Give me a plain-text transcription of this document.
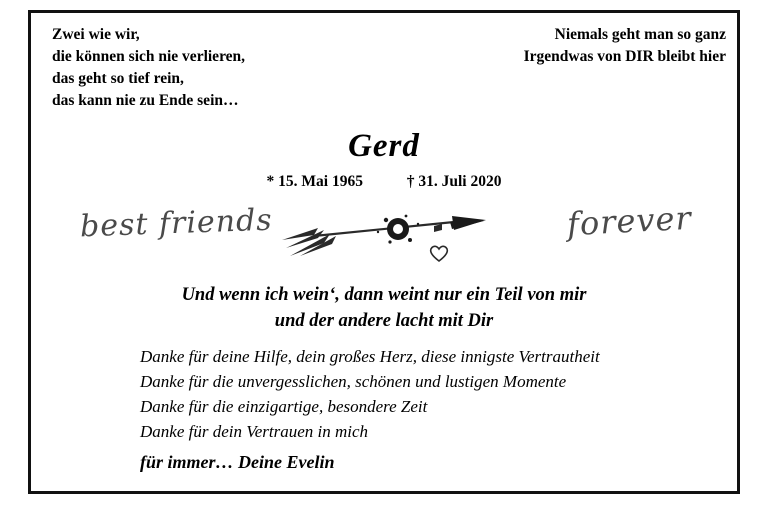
Zwei wie wir,
die können sich nie verlieren,
das geht so tief rein,
das kann nie zu Ende sein…
Niemals geht man so ganz
Irgendwas von DIR bleibt hier
Gerd
* 15. Mai 1965	† 31. Juli 2020
best friends	forever
Und wenn ich wein‘, dann weint nur ein Teil von mir
und der andere lacht mit Dir
Danke für deine Hilfe, dein großes Herz, diese innigste Vertrautheit
Danke für die unvergesslichen, schönen und lustigen Momente
Danke für die einzigartige, besondere Zeit
Danke für dein Vertrauen in mich
für immer… Deine Evelin
